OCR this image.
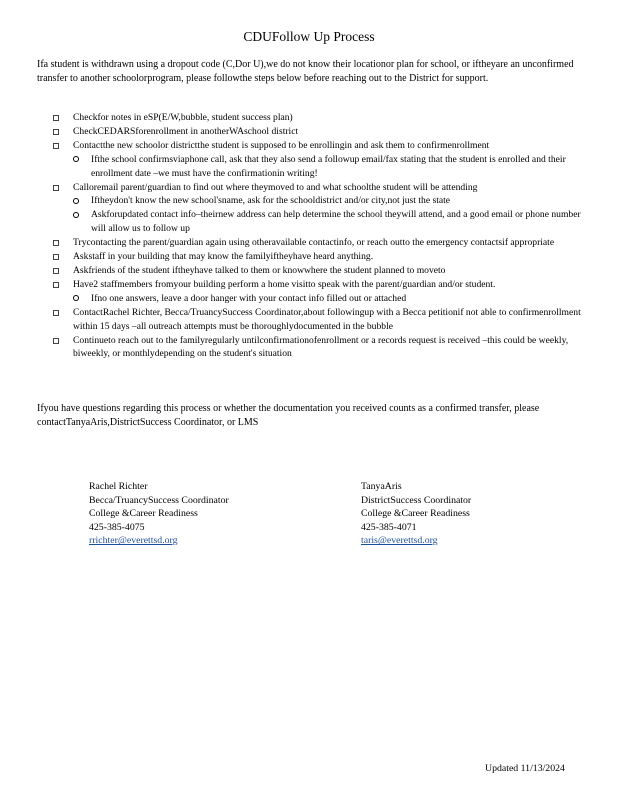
CDUFollow Up Process
Ifa student is withdrawn using a dropout code (C,Dor U),we do not know their locationor plan for school, or iftheyare an unconfirmed transfer to another schoolorprogram, please followthe steps below before reaching out to the District for support.
Checkfor notes in eSP(E/W,bubble, student success plan)
CheckCEDARSforenrollment in anotherWAschool district
Contactthe new schoolor districtthe student is supposed to be enrollingin and ask them to confirmenrollment
Ifthe school confirmsviaphone call, ask that they also send a followup email/fax stating that the student is enrolled and their enrollment date –we must have the confirmationin writing!
Calloremail parent/guardian to find out where theymoved to and what schoolthe student will be attending
Iftheydon't know the new school'sname, ask for the schooldistrict and/or city,not just the state
Askforupdated contact info–theirnew address can help determine the school theywill attend, and a good email or phone number will allow us to follow up
Trycontacting the parent/guardian again using otheravailable contactinfo, or reach outto the emergency contactsif appropriate
Askstaff in your building that may know the familyiftheyhave heard anything.
Askfriends of the student iftheyhave talked to them or knowwhere the student planned to moveto
Have2 staffmembers fromyour building perform a home visitto speak with the parent/guardian and/or student.
Ifno one answers, leave a door hanger with your contact info filled out or attached
ContactRachel Richter, Becca/TruancySuccess Coordinator,about followingup with a Becca petitionif not able to confirmenrollment within 15 days –all outreach attempts must be thoroughlydocumented in the bubble
Continueto reach out to the familyregularly untilconfirmationofenrollment or a records request is received –this could be weekly, biweekly, or monthlydepending on the student's situation
Ifyou have questions regarding this process or whether the documentation you received counts as a confirmed transfer, please contactTanyaAris,DistrictSuccess Coordinator, or LMS
Rachel Richter
Becca/TruancySuccess Coordinator
College &Career Readiness
425-385-4075
rrichter@everettsd.org
TanyaAris
DistrictSuccess Coordinator
College &Career Readiness
425-385-4071
taris@everettsd.org
Updated 11/13/2024
